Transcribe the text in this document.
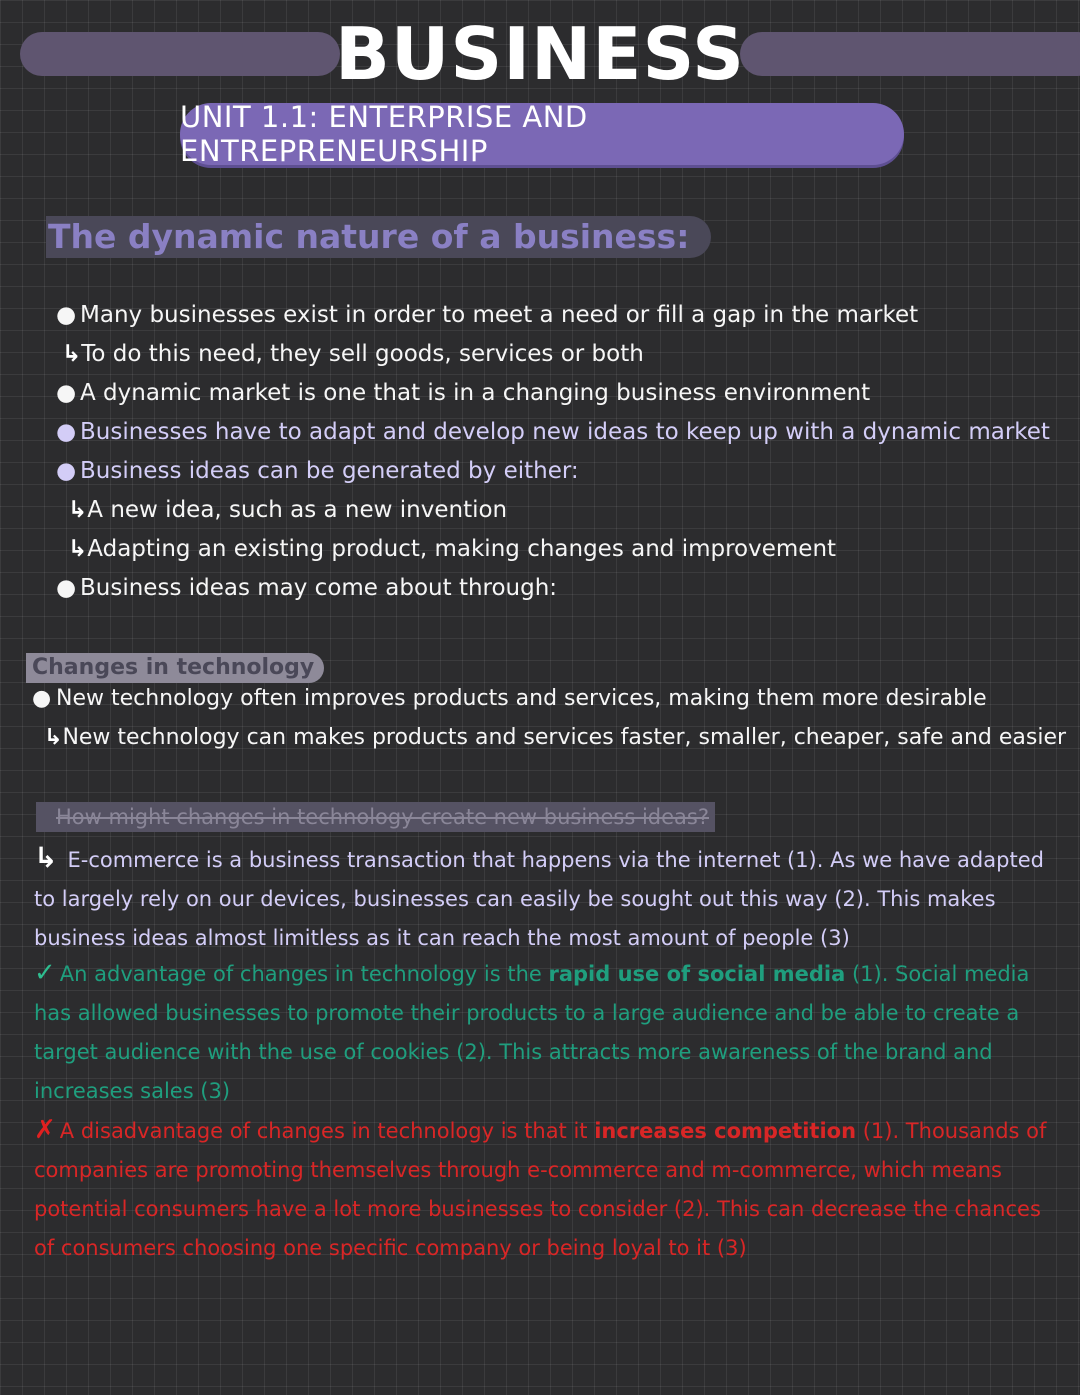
BUSINESS
UNIT 1.1: ENTERPRISE AND ENTREPRENEURSHIP
The dynamic nature of a business:
● Many businesses exist in order to meet a need or fill a gap in the market
↳To do this need, they sell goods, services or both
● A dynamic market is one that is in a changing business environment
● Businesses have to adapt and develop new ideas to keep up with a dynamic market
● Business ideas can be generated by either:
↳A new idea, such as a new invention
↳Adapting an existing product, making changes and improvement
● Business ideas may come about through:
Changes in technology
● New technology often improves products and services, making them more desirable
↳New technology can makes products and services faster, smaller, cheaper, safe and easier
How might changes in technology create new business ideas?
↳ E-commerce is a business transaction that happens via the internet (1). As we have adapted to largely rely on our devices, businesses can easily be sought out this way (2). This makes business ideas almost limitless as it can reach the most amount of people (3)
✓ An advantage of changes in technology is the rapid use of social media (1). Social media has allowed businesses to promote their products to a large audience and be able to create a target audience with the use of cookies (2). This attracts more awareness of the brand and increases sales (3)
✗ A disadvantage of changes in technology is that it increases competition (1). Thousands of companies are promoting themselves through e-commerce and m-commerce, which means potential consumers have a lot more businesses to consider (2). This can decrease the chances of consumers choosing one specific company or being loyal to it (3)
